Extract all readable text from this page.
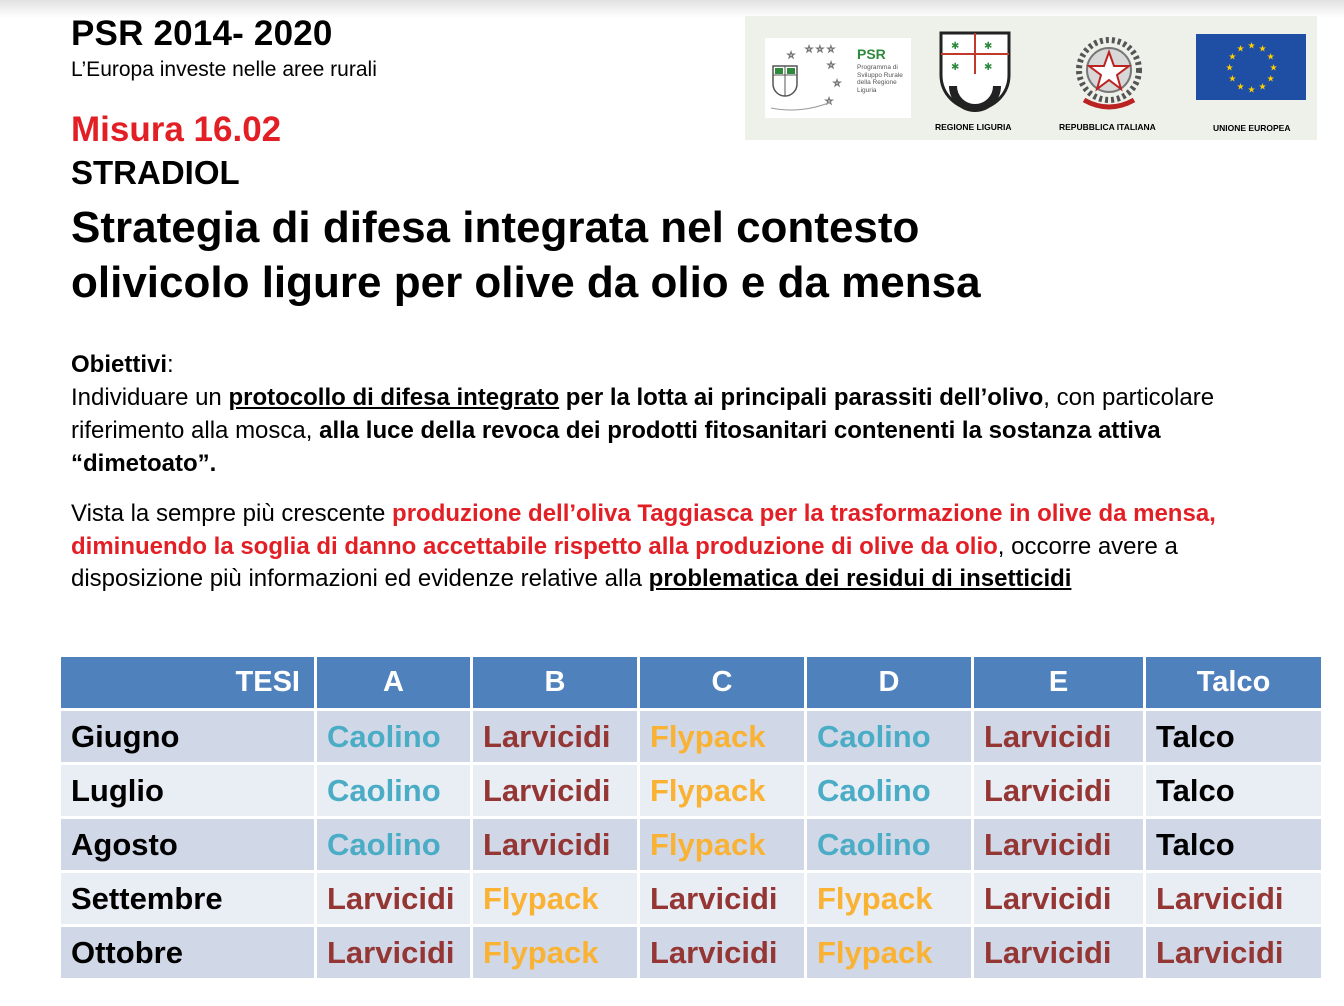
PSR 2014- 2020
L’Europa investe nelle aree rurali
☆ ☆ ☆
☆
☆
☆
☆	PSR
Programma di Sviluppo Rurale della Regione Liguria
✱ ✱
✱ ✱
REGIONE LIGURIA	REPUBBLICA ITALIANA
★ ★
★
★
★
★
★
★
★
★
★
★
UNIONE EUROPEA
Misura 16.02
STRADIOL
Strategia di difesa integrata nel contesto
olivicolo ligure per olive da olio e da mensa
Obiettivi:
Individuare un protocollo di difesa integrato per la lotta ai principali parassiti dell’olivo, con particolare riferimento alla mosca, alla luce della revoca dei prodotti fitosanitari contenenti la sostanza attiva “dimetoato”.
Vista la sempre più crescente produzione dell’oliva Taggiasca per la trasformazione in olive da mensa, diminuendo la soglia di danno accettabile rispetto alla produzione di olive da olio, occorre avere a disposizione più informazioni ed evidenze relative alla problematica dei residui di insetticidi
TESI	A	B	C	D	E	Talco
Giugno	Caolino	Larvicidi	Flypack	Caolino	Larvicidi	Talco
Luglio	Caolino	Larvicidi	Flypack	Caolino	Larvicidi	Talco
Agosto	Caolino	Larvicidi	Flypack	Caolino	Larvicidi	Talco
Settembre	Larvicidi	Flypack	Larvicidi	Flypack	Larvicidi	Larvicidi
Ottobre	Larvicidi	Flypack	Larvicidi	Flypack	Larvicidi	Larvicidi
